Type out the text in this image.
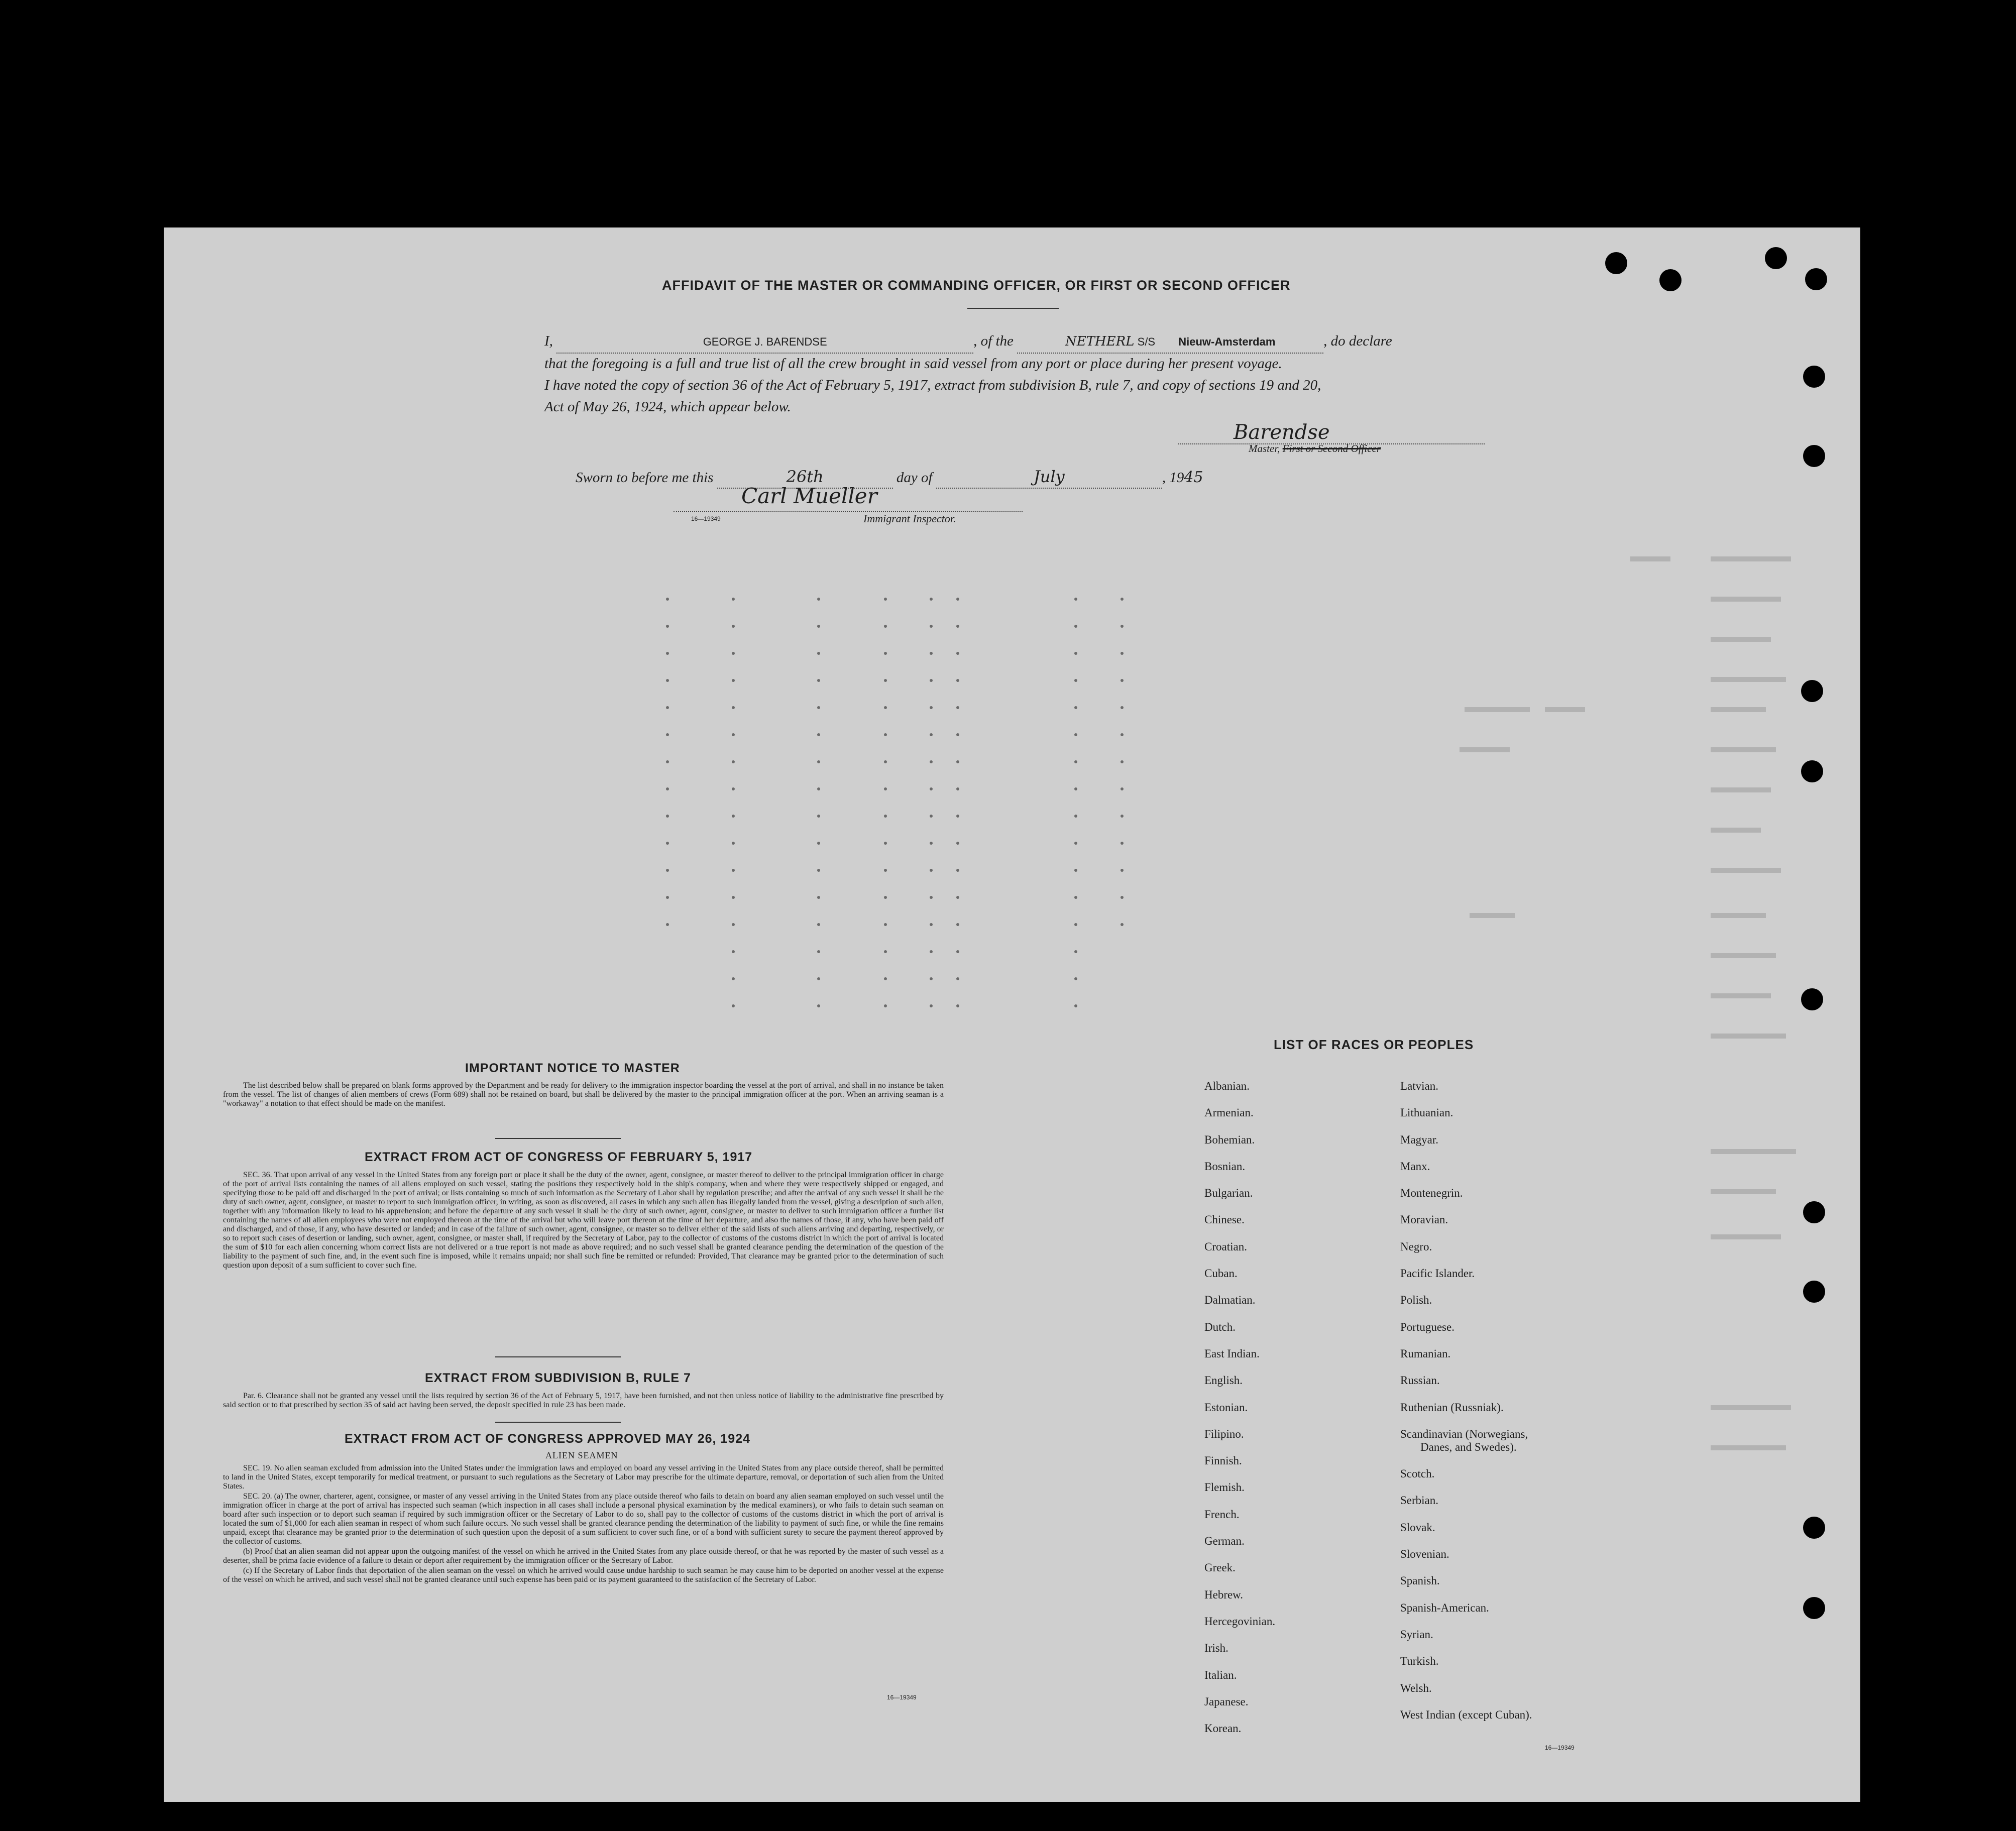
AFFIDAVIT OF THE MASTER OR COMMANDING OFFICER, OR FIRST OR SECOND OFFICER
I,	GEORGE J. BARENDSE	, of the	NETHERL S/S Nieuw-Amsterdam	, do declare
that the foregoing is a full and true list of all the crew brought in said vessel from any port or place during her present voyage.
I have noted the copy of section 36 of the Act of February 5, 1917, extract from subdivision B, rule 7, and copy of sections 19 and 20,
Act of May 26, 1924, which appear below.
Barendse
Master, First or Second Officer
Sworn to before me this	26th	day of	July	, 1945
Carl Mueller
16—19349	Immigrant Inspector.
IMPORTANT NOTICE TO MASTER

The list described below shall be prepared on blank forms approved by the Department and be ready for delivery to the immigration inspector boarding the vessel at the port of arrival, and shall in no instance be taken from the vessel. The list of changes of alien members of crews (Form 689) shall not be retained on board, but shall be delivered by the master to the principal immigration officer at the port. When an arriving seaman is a "workaway" a notation to that effect should be made on the manifest.

EXTRACT FROM ACT OF CONGRESS OF FEBRUARY 5, 1917

SEC. 36. That upon arrival of any vessel in the United States from any foreign port or place it shall be the duty of the owner, agent, consignee, or master thereof to deliver to the principal immigration officer in charge of the port of arrival lists containing the names of all aliens employed on such vessel, stating the positions they respectively hold in the ship's company, when and where they were respectively shipped or engaged, and specifying those to be paid off and discharged in the port of arrival; or lists containing so much of such information as the Secretary of Labor shall by regulation prescribe; and after the arrival of any such vessel it shall be the duty of such owner, agent, consignee, or master to report to such immigration officer, in writing, as soon as discovered, all cases in which any such alien has illegally landed from the vessel, giving a description of such alien, together with any information likely to lead to his apprehension; and before the departure of any such vessel it shall be the duty of such owner, agent, consignee, or master to deliver to such immigration officer a further list containing the names of all alien employees who were not employed thereon at the time of the arrival but who will leave port thereon at the time of her departure, and also the names of those, if any, who have been paid off and discharged, and of those, if any, who have deserted or landed; and in case of the failure of such owner, agent, consignee, or master so to deliver either of the said lists of such aliens arriving and departing, respectively, or so to report such cases of desertion or landing, such owner, agent, consignee, or master shall, if required by the Secretary of Labor, pay to the collector of customs of the customs district in which the port of arrival is located the sum of $10 for each alien concerning whom correct lists are not delivered or a true report is not made as above required; and no such vessel shall be granted clearance pending the determination of the question of the liability to the payment of such fine, and, in the event such fine is imposed, while it remains unpaid; nor shall such fine be remitted or refunded: Provided, That clearance may be granted prior to the determination of such question upon deposit of a sum sufficient to cover such fine.

EXTRACT FROM SUBDIVISION B, RULE 7

Par. 6. Clearance shall not be granted any vessel until the lists required by section 36 of the Act of February 5, 1917, have been furnished, and not then unless notice of liability to the administrative fine prescribed by said section or to that prescribed by section 35 of said act having been served, the deposit specified in rule 23 has been made.

EXTRACT FROM ACT OF CONGRESS APPROVED MAY 26, 1924
ALIEN SEAMEN

SEC. 19. No alien seaman excluded from admission into the United States under the immigration laws and employed on board any vessel arriving in the United States from any place outside thereof, shall be permitted to land in the United States, except temporarily for medical treatment, or pursuant to such regulations as the Secretary of Labor may prescribe for the ultimate departure, removal, or deportation of such alien from the United States.

SEC. 20. (a) The owner, charterer, agent, consignee, or master of any vessel arriving in the United States from any place outside thereof who fails to detain on board any alien seaman employed on such vessel until the immigration officer in charge at the port of arrival has inspected such seaman (which inspection in all cases shall include a personal physical examination by the medical examiners), or who fails to detain such seaman on board after such inspection or to deport such seaman if required by such immigration officer or the Secretary of Labor to do so, shall pay to the collector of customs of the customs district in which the port of arrival is located the sum of $1,000 for each alien seaman in respect of whom such failure occurs. No such vessel shall be granted clearance pending the determination of the liability to payment of such fine, or while the fine remains unpaid, except that clearance may be granted prior to the determination of such question upon the deposit of a sum sufficient to cover such fine, or of a bond with sufficient surety to secure the payment thereof approved by the collector of customs.

(b) Proof that an alien seaman did not appear upon the outgoing manifest of the vessel on which he arrived in the United States from any place outside thereof, or that he was reported by the master of such vessel as a deserter, shall be prima facie evidence of a failure to detain or deport after requirement by the immigration officer or the Secretary of Labor.

(c) If the Secretary of Labor finds that deportation of the alien seaman on the vessel on which he arrived would cause undue hardship to such seaman he may cause him to be deported on another vessel at the expense of the vessel on which he arrived, and such vessel shall not be granted clearance until such expense has been paid or its payment guaranteed to the satisfaction of the Secretary of Labor.

16—19349
LIST OF RACES OR PEOPLES
Albanian.
Armenian.
Bohemian.
Bosnian.
Bulgarian.
Chinese.
Croatian.
Cuban.
Dalmatian.
Dutch.
East Indian.
English.
Estonian.
Filipino.
Finnish.
Flemish.
French.
German.
Greek.
Hebrew.
Hercegovinian.
Irish.
Italian.
Japanese.
Korean.
Latvian.
Lithuanian.
Magyar.
Manx.
Montenegrin.
Moravian.
Negro.
Pacific Islander.
Polish.
Portuguese.
Rumanian.
Russian.
Ruthenian (Russniak).
Scandinavian (Norwegians,
Danes, and Swedes).
Scotch.
Serbian.
Slovak.
Slovenian.
Spanish.
Spanish-American.
Syrian.
Turkish.
Welsh.
West Indian (except Cuban).
16—19349
